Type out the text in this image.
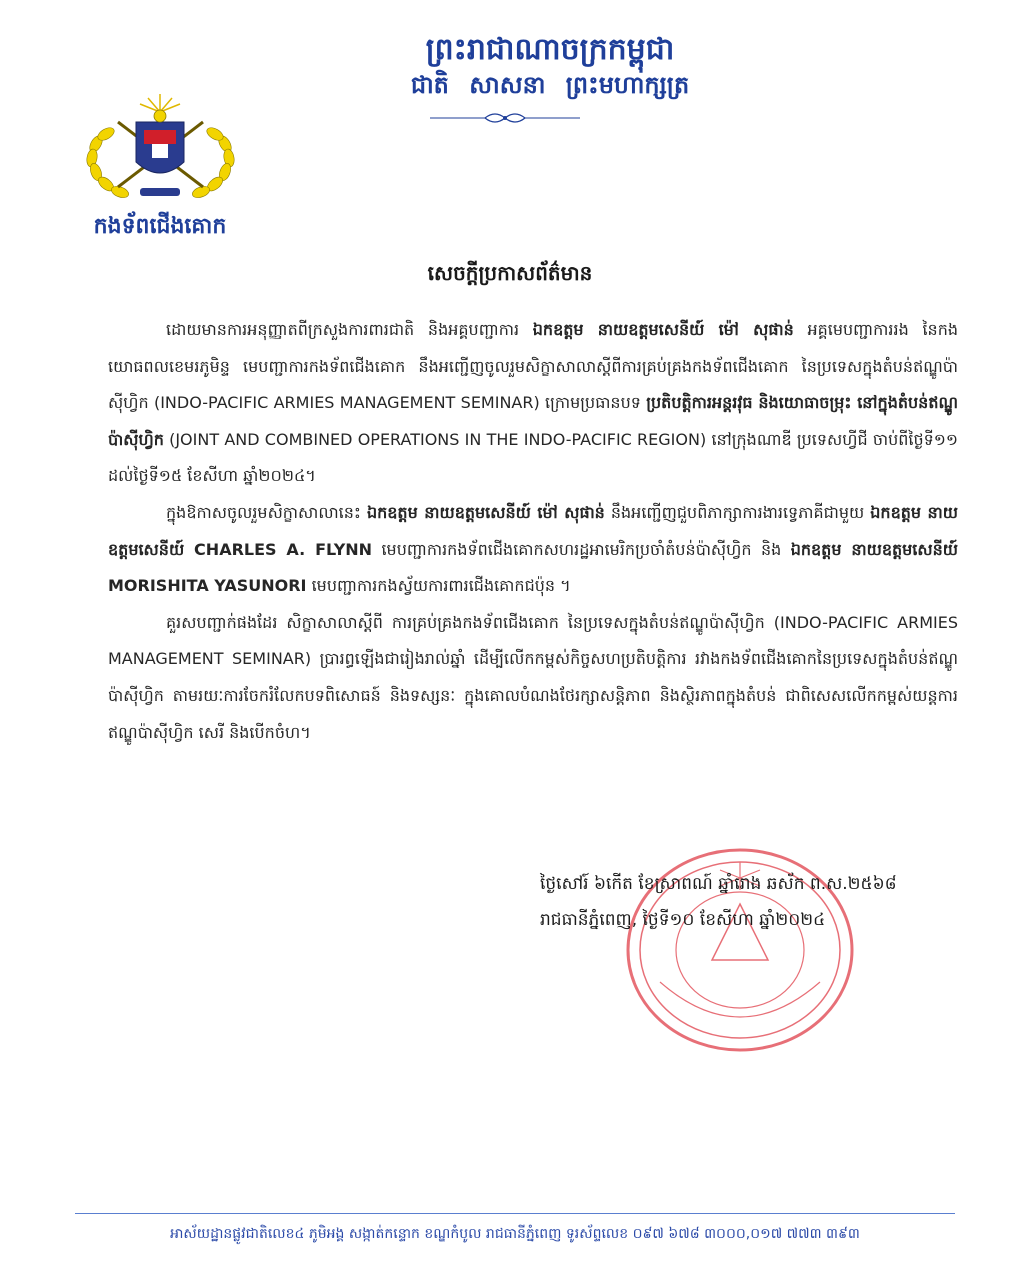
ព្រះរាជាណាចក្រកម្ពុជា
ជាតិ សាសនា ព្រះមហាក្សត្រ
កងទ័ពជើងគោក
សេចក្តីប្រកាសព័ត៌មាន

ដោយមានការអនុញ្ញាតពីក្រសួងការពារជាតិ និងអគ្គបញ្ជាការ ឯកឧត្តម នាយឧត្តមសេនីយ៍ ម៉ៅ សុផាន់ អគ្គមេបញ្ជាការរង នៃកងយោធពលខេមរភូមិន្ទ មេបញ្ជាការកងទ័ពជើងគោក នឹងអញ្ជើញចូលរួមសិក្ខាសាលាស្តីពីការគ្រប់គ្រងកងទ័ពជើងគោក នៃប្រទេសក្នុងតំបន់ឥណ្ឌូប៉ាស៊ីហ្វិក (INDO-PACIFIC ARMIES MANAGEMENT SEMINAR) ក្រោមប្រធានបទ ប្រតិបត្តិការអន្តរវុធ និងយោធាចម្រុះ នៅក្នុងតំបន់ឥណ្ឌូប៉ាស៊ីហ្វិក (JOINT AND COMBINED OPERATIONS IN THE INDO-PACIFIC REGION) នៅក្រុងណាឌី ប្រទេសហ្វីជី ចាប់ពីថ្ងៃទី១១ ដល់ថ្ងៃទី១៥ ខែសីហា ឆ្នាំ២០២៤។

ក្នុងឱកាសចូលរួមសិក្ខាសាលានេះ ឯកឧត្តម នាយឧត្តមសេនីយ៍ ម៉ៅ សុផាន់ នឹងអញ្ជើញជួបពិភាក្សាការងារទ្វេភាគីជាមួយ ឯកឧត្តម នាយឧត្តមសេនីយ៍ CHARLES A. FLYNN មេបញ្ជាការកងទ័ពជើងគោកសហរដ្ឋអាមេរិកប្រចាំតំបន់ប៉ាស៊ីហ្វិក និង ឯកឧត្តម នាយឧត្តមសេនីយ៍ MORISHITA YASUNORI មេបញ្ជាការកងស្វ័យការពារជើងគោកជប៉ុន ។

គួរសបញ្ជាក់ផងដែរ សិក្ខាសាលាស្តីពី ការគ្រប់គ្រងកងទ័ពជើងគោក នៃប្រទេសក្នុងតំបន់ឥណ្ឌូប៉ាស៊ីហ្វិក (INDO-PACIFIC ARMIES MANAGEMENT SEMINAR) ប្រារព្ធឡើងជារៀងរាល់ឆ្នាំ ដើម្បីលើកកម្ពស់កិច្ចសហប្រតិបត្តិការ រវាងកងទ័ពជើងគោកនៃប្រទេសក្នុងតំបន់ឥណ្ឌូប៉ាស៊ីហ្វិក តាមរយៈការចែករំលែកបទពិសោធន៍ និងទស្សនៈ ក្នុងគោលបំណងថែរក្សាសន្តិភាព និងស្ថិរភាពក្នុងតំបន់ ជាពិសេសលើកកម្ពស់យន្តការ ឥណ្ឌូប៉ាស៊ីហ្វិក សេរី និងបើកចំហ។

ថ្ងៃសៅរ៍ ៦កើត ខែស្រាពណ៍ ឆ្នាំរោង ឆស័ក ព.ស.២៥៦៨
រាជធានីភ្នំពេញ, ថ្ងៃទី១០ ខែសីហា ឆ្នាំ២០២៤
អាស័យដ្ឋានផ្លូវជាតិលេខ៤ ភូមិអង្គ សង្កាត់កន្ទោក ខណ្ឌកំបូល រាជធានីភ្នំពេញ ទូរស័ព្ទលេខ ០៩៧ ៦៧៨ ៣០០០,០១៧ ៧៧៣ ៣៩៣
